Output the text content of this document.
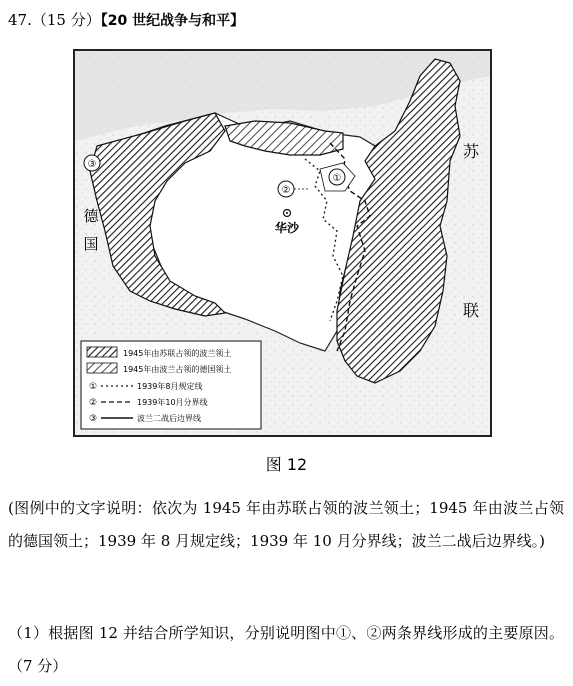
47.（15 分）【20 世纪战争与和平】
①
②
③
华沙
苏
联
德
国
1945年由苏联占领的波兰领土
1945年由波兰占领的德国领土
①	1939年8月规定线
②	1939年10月分界线
③	波兰二战后边界线
图 12
(图例中的文字说明：依次为 1945 年由苏联占领的波兰领土；1945 年由波兰占领的德国领土；1939 年 8 月规定线；1939 年 10 月分界线；波兰二战后边界线。)
（1）根据图 12 并结合所学知识，分别说明图中①、②两条界线形成的主要原因。（7 分）
